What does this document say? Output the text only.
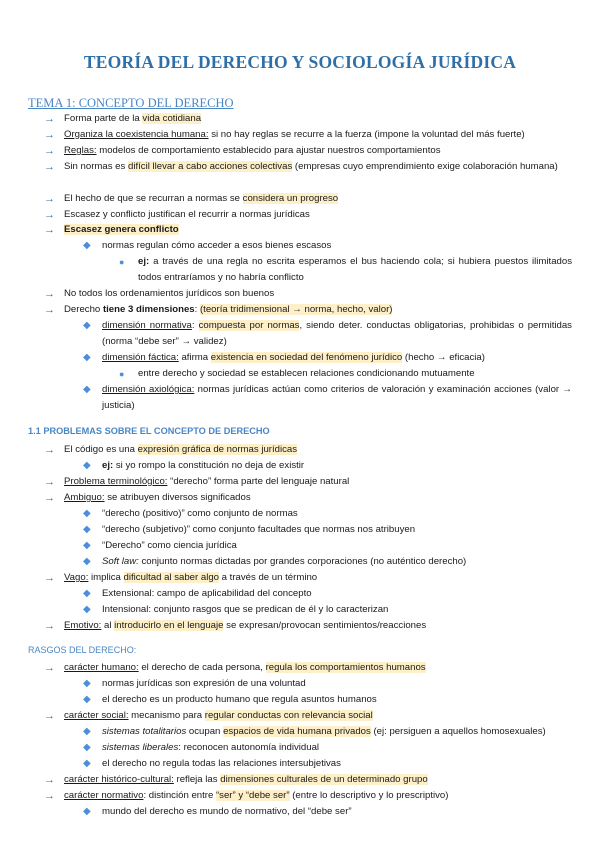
TEORÍA DEL DERECHO Y SOCIOLOGÍA JURÍDICA
TEMA 1: CONCEPTO DEL DERECHO
→ Forma parte de la vida cotidiana
→ Organiza la coexistencia humana: si no hay reglas se recurre a la fuerza (impone la voluntad del más fuerte)
→ Reglas: modelos de comportamiento establecido para ajustar nuestros comportamientos
→ Sin normas es difícil llevar a cabo acciones colectivas (empresas cuyo emprendimiento exige colaboración humana)
→ El hecho de que se recurran a normas se considera un progreso
→ Escasez y conflicto justifican el recurrir a normas jurídicas
→ Escasez genera conflicto
◆ normas regulan cómo acceder a esos bienes escasos
● ej: a través de una regla no escrita esperamos el bus haciendo cola; si hubiera puestos ilimitados todos entraríamos y no habría conflicto
→ No todos los ordenamientos jurídicos son buenos
→ Derecho tiene 3 dimensiones: (teoría tridimensional → norma, hecho, valor)
◆ dimensión normativa: compuesta por normas, siendo deter. conductas obligatorias, prohibidas o permitidas (norma “debe ser” → validez)
◆ dimensión fáctica: afirma existencia en sociedad del fenómeno jurídico (hecho → eficacia)
● entre derecho y sociedad se establecen relaciones condicionando mutuamente
◆ dimensión axiológica: normas jurídicas actúan como criterios de valoración y examinación acciones (valor → justicia)
1.1 PROBLEMAS SOBRE EL CONCEPTO DE DERECHO
→ El código es una expresión gráfica de normas jurídicas
◆ ej: si yo rompo la constitución no deja de existir
→ Problema terminológico: “derecho” forma parte del lenguaje natural
→ Ambiguo: se atribuyen diversos significados
◆ “derecho (positivo)” como conjunto de normas
◆ “derecho (subjetivo)” como conjunto facultades que normas nos atribuyen
◆ “Derecho” como ciencia jurídica
◆ Soft law: conjunto normas dictadas por grandes corporaciones (no auténtico derecho)
→ Vago: implica dificultad al saber algo a través de un término
◆ Extensional: campo de aplicabilidad del concepto
◆ Intensional: conjunto rasgos que se predican de él y lo caracterizan
→ Emotivo: al introducirlo en el lenguaje se expresan/provocan sentimientos/reacciones
RASGOS DEL DERECHO:
→ carácter humano: el derecho de cada persona, regula los comportamientos humanos
◆ normas jurídicas son expresión de una voluntad
◆ el derecho es un producto humano que regula asuntos humanos
→ carácter social: mecanismo para regular conductas con relevancia social
◆ sistemas totalitarios ocupan espacios de vida humana privados (ej: persiguen a aquellos homosexuales)
◆ sistemas liberales: reconocen autonomía individual
◆ el derecho no regula todas las relaciones intersubjetivas
→ carácter histórico-cultural: refleja las dimensiones culturales de un determinado grupo
→ carácter normativo: distinción entre “ser” y “debe ser” (entre lo descriptivo y lo prescriptivo)
◆ mundo del derecho es mundo de normativo, del “debe ser”
